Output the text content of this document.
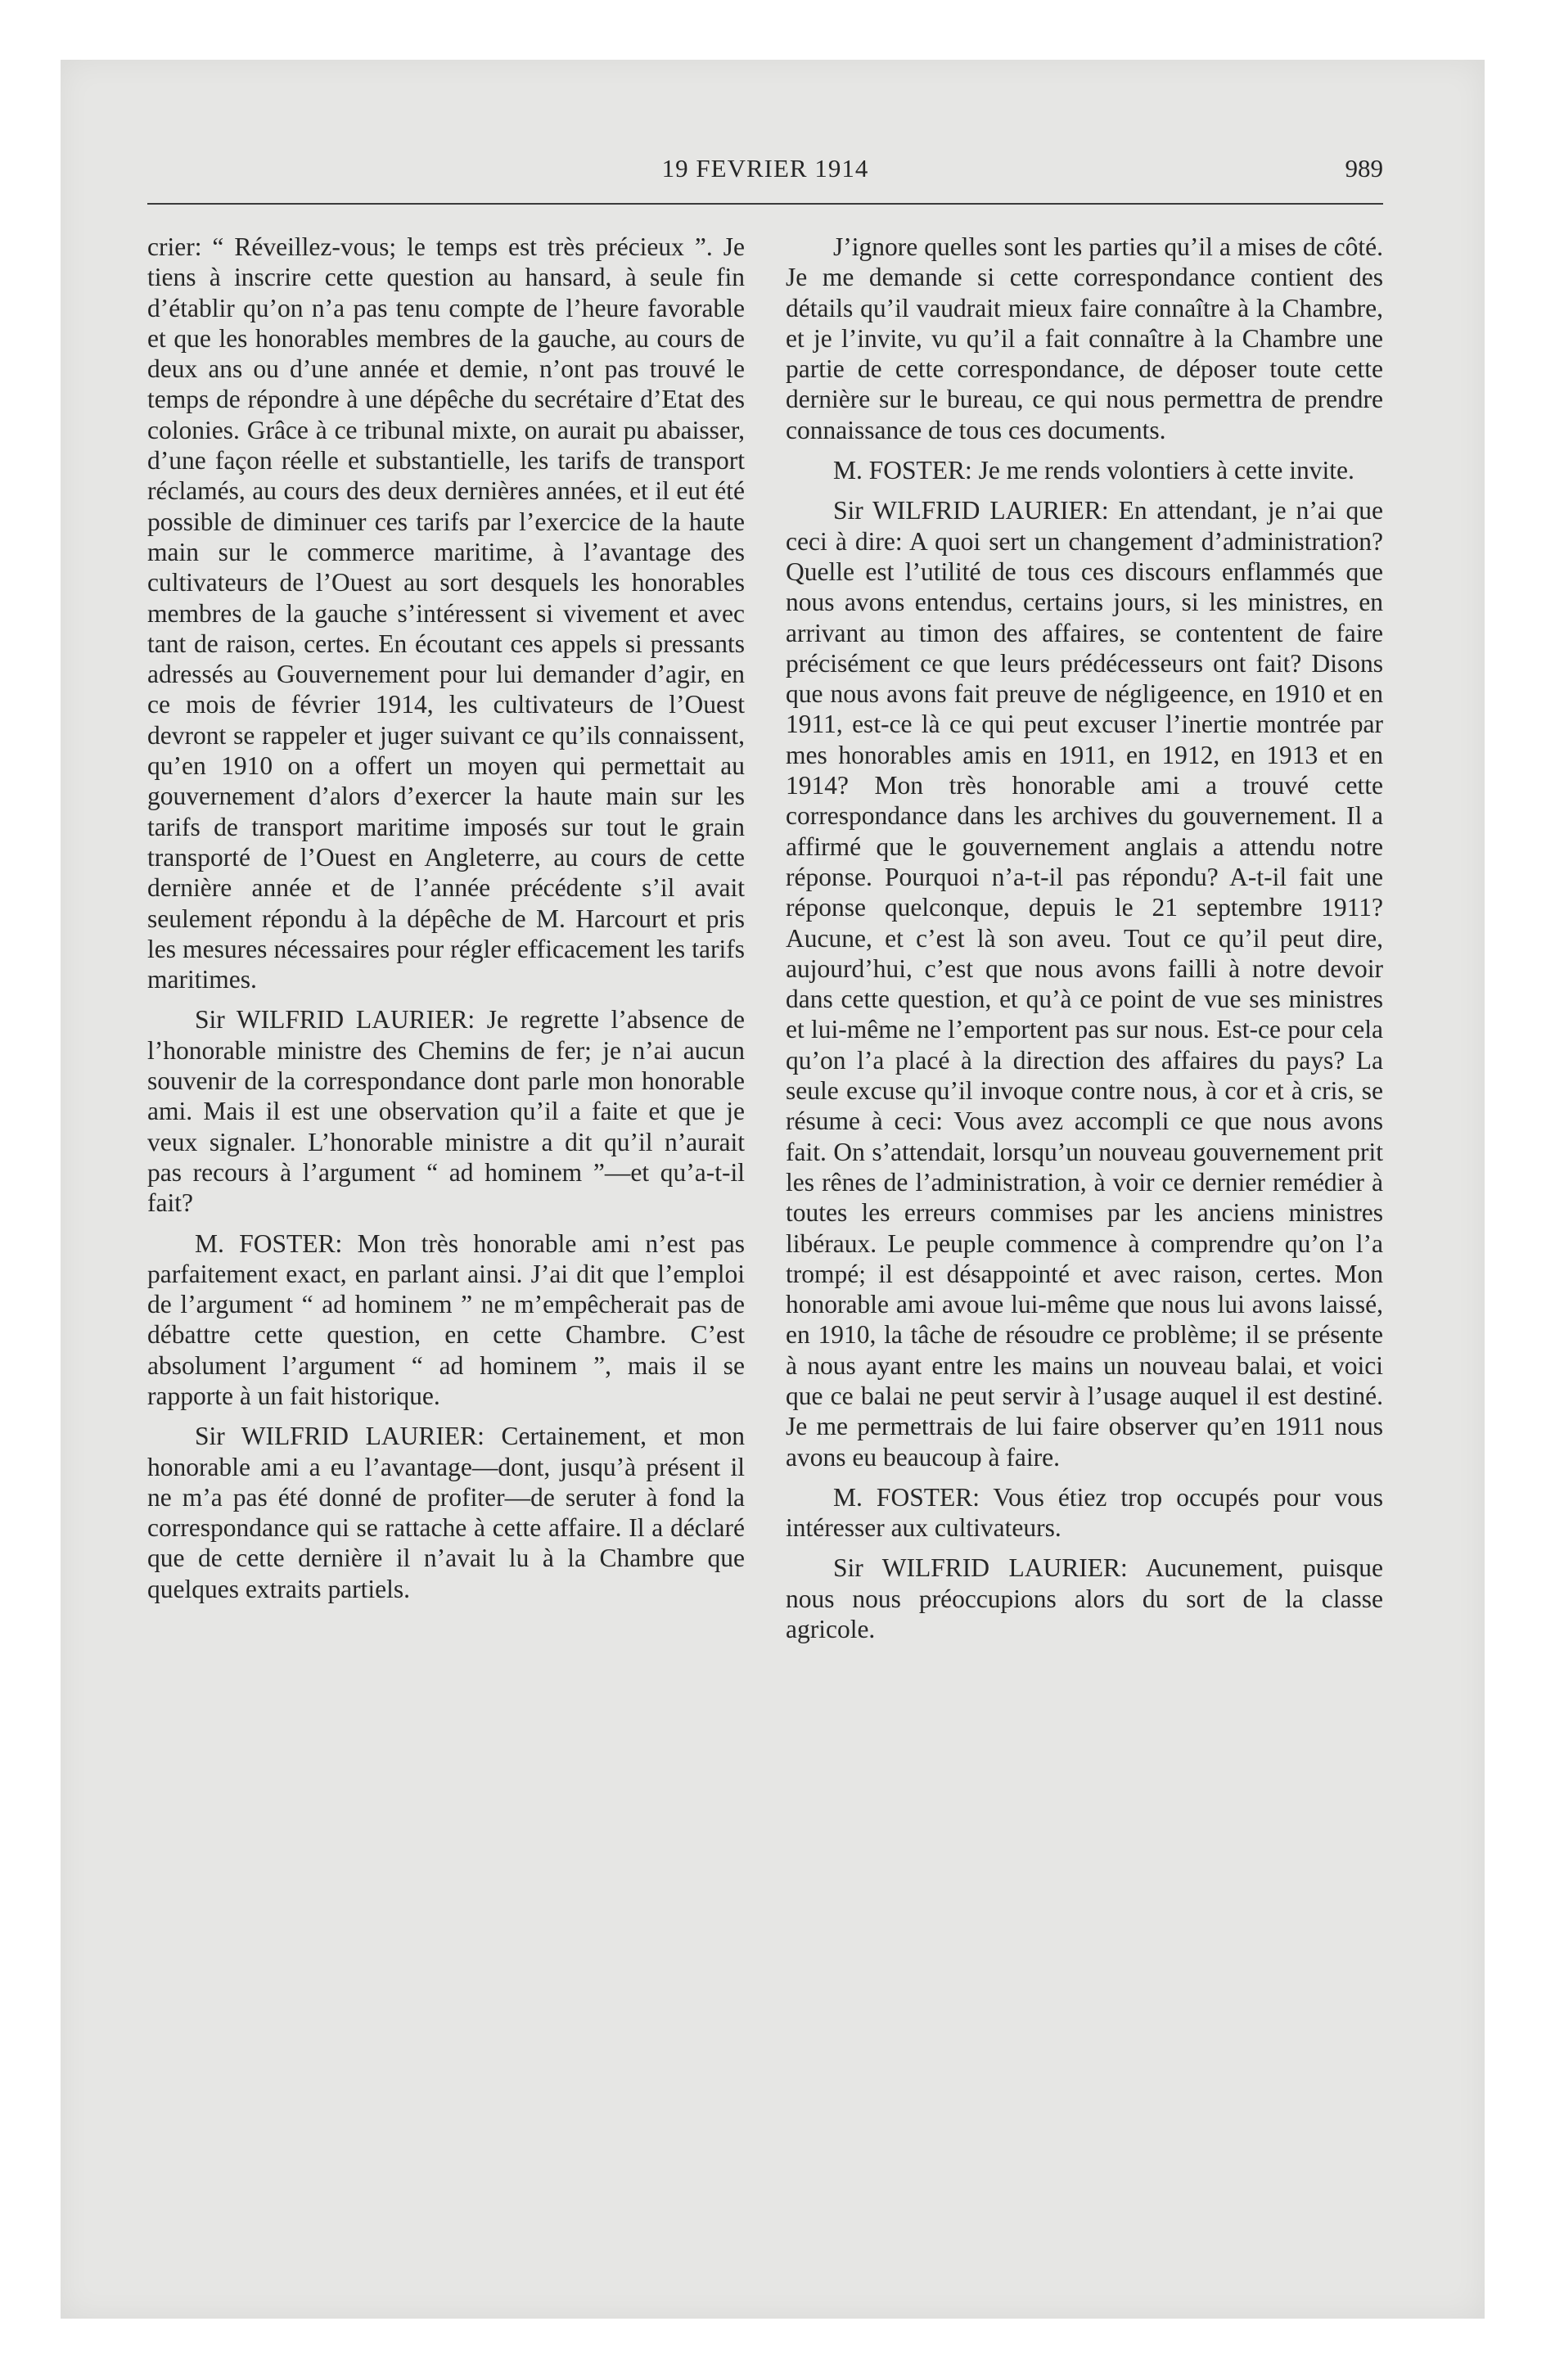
19 FEVRIER 1914	989

crier: “ Réveillez-vous; le temps est très précieux ”. Je tiens à inscrire cette question au hansard, à seule fin d’établir qu’on n’a pas tenu compte de l’heure favorable et que les honorables membres de la gauche, au cours de deux ans ou d’une année et demie, n’ont pas trouvé le temps de répondre à une dépêche du secrétaire d’Etat des colonies. Grâce à ce tribunal mixte, on aurait pu abaisser, d’une façon réelle et substantielle, les tarifs de transport réclamés, au cours des deux dernières années, et il eut été possible de diminuer ces tarifs par l’exercice de la haute main sur le commerce maritime, à l’avantage des cultivateurs de l’Ouest au sort desquels les honorables membres de la gauche s’intéressent si vivement et avec tant de raison, certes. En écoutant ces appels si pressants adressés au Gouvernement pour lui demander d’agir, en ce mois de février 1914, les cultivateurs de l’Ouest devront se rappeler et juger suivant ce qu’ils connaissent, qu’en 1910 on a offert un moyen qui permettait au gouvernement d’alors d’exercer la haute main sur les tarifs de transport maritime imposés sur tout le grain transporté de l’Ouest en Angleterre, au cours de cette dernière année et de l’année précédente s’il avait seulement répondu à la dépêche de M. Harcourt et pris les mesures nécessaires pour régler efficacement les tarifs maritimes.

Sir WILFRID LAURIER: Je regrette l’absence de l’honorable ministre des Chemins de fer; je n’ai aucun souvenir de la correspondance dont parle mon honorable ami. Mais il est une observation qu’il a faite et que je veux signaler. L’honorable ministre a dit qu’il n’aurait pas recours à l’argument “ ad hominem ”—et qu’a-t-il fait?

M. FOSTER: Mon très honorable ami n’est pas parfaitement exact, en parlant ainsi. J’ai dit que l’emploi de l’argument “ ad hominem ” ne m’empêcherait pas de débattre cette question, en cette Chambre. C’est absolument l’argument “ ad hominem ”, mais il se rapporte à un fait historique.

Sir WILFRID LAURIER: Certainement, et mon honorable ami a eu l’avantage—dont, jusqu’à présent il ne m’a pas été donné de profiter—de seruter à fond la correspondance qui se rattache à cette affaire. Il a déclaré que de cette dernière il n’avait lu à la Chambre que quelques extraits partiels.

J’ignore quelles sont les parties qu’il a mises de côté. Je me demande si cette correspondance contient des détails qu’il vaudrait mieux faire connaître à la Chambre, et je l’invite, vu qu’il a fait connaître à la Chambre une partie de cette correspondance, de déposer toute cette dernière sur le bureau, ce qui nous permettra de prendre connaissance de tous ces documents.

M. FOSTER: Je me rends volontiers à cette invite.

Sir WILFRID LAURIER: En attendant, je n’ai que ceci à dire: A quoi sert un changement d’administration? Quelle est l’utilité de tous ces discours enflammés que nous avons entendus, certains jours, si les ministres, en arrivant au timon des affaires, se contentent de faire précisément ce que leurs prédécesseurs ont fait? Disons que nous avons fait preuve de négligeence, en 1910 et en 1911, est-ce là ce qui peut excuser l’inertie montrée par mes honorables amis en 1911, en 1912, en 1913 et en 1914? Mon très honorable ami a trouvé cette correspondance dans les archives du gouvernement. Il a affirmé que le gouvernement anglais a attendu notre réponse. Pourquoi n’a-t-il pas répondu? A-t-il fait une réponse quelconque, depuis le 21 septembre 1911? Aucune, et c’est là son aveu. Tout ce qu’il peut dire, aujourd’hui, c’est que nous avons failli à notre devoir dans cette question, et qu’à ce point de vue ses ministres et lui-même ne l’emportent pas sur nous. Est-ce pour cela qu’on l’a placé à la direction des affaires du pays? La seule excuse qu’il invoque contre nous, à cor et à cris, se résume à ceci: Vous avez accompli ce que nous avons fait. On s’attendait, lorsqu’un nouveau gouvernement prit les rênes de l’administration, à voir ce dernier remédier à toutes les erreurs commises par les anciens ministres libéraux. Le peuple commence à comprendre qu’on l’a trompé; il est désappointé et avec raison, certes. Mon honorable ami avoue lui-même que nous lui avons laissé, en 1910, la tâche de résoudre ce problème; il se présente à nous ayant entre les mains un nouveau balai, et voici que ce balai ne peut servir à l’usage auquel il est destiné. Je me permettrais de lui faire observer qu’en 1911 nous avons eu beaucoup à faire.

M. FOSTER: Vous étiez trop occupés pour vous intéresser aux cultivateurs.

Sir WILFRID LAURIER: Aucunement, puisque nous nous préoccupions alors du sort de la classe agricole.
